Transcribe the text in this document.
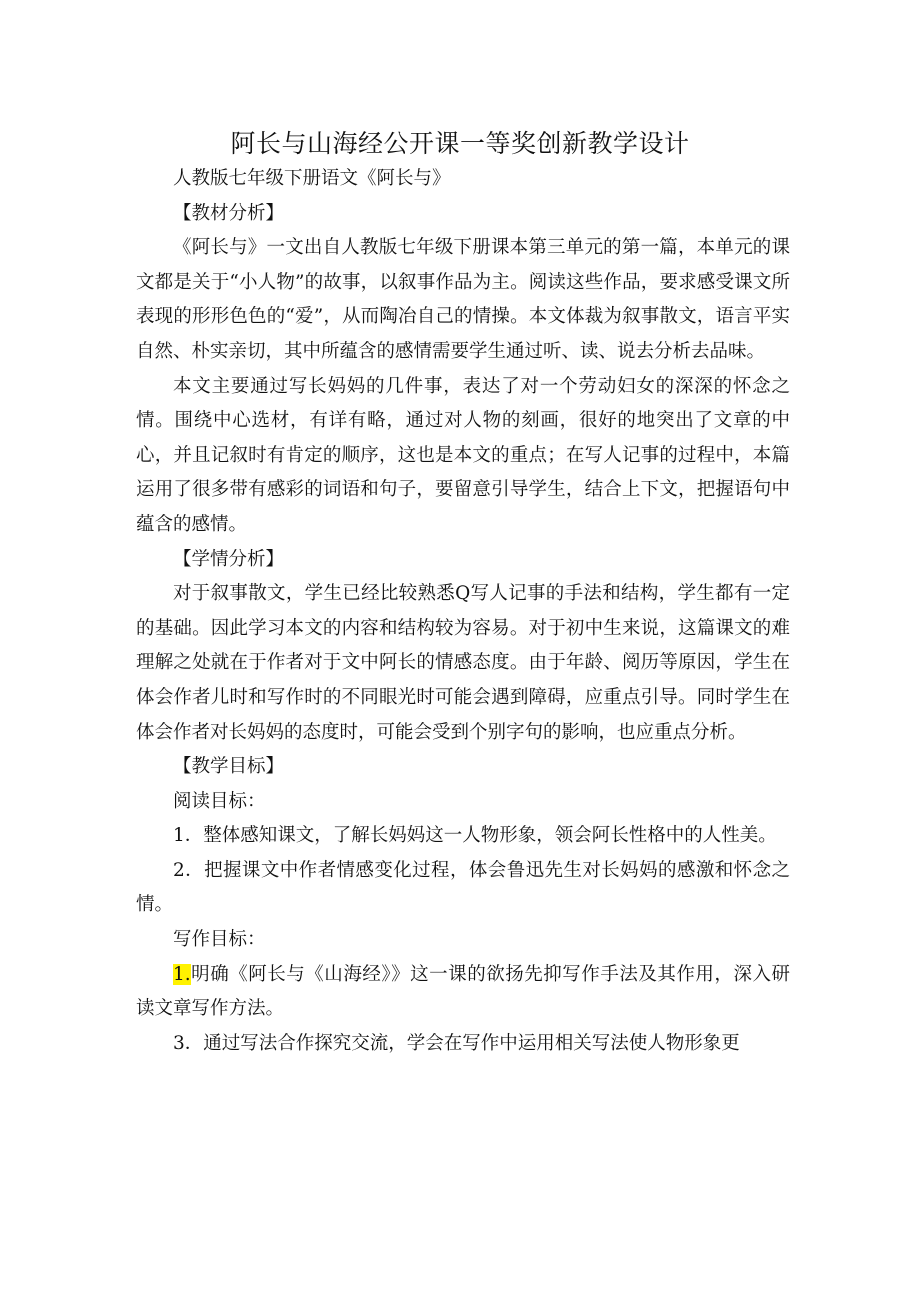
阿长与山海经公开课一等奖创新教学设计

人教版七年级下册语文《阿长与》

【教材分析】

《阿长与》一文出自人教版七年级下册课本第三单元的第一篇，本单元的课文都是关于“小人物”的故事，以叙事作品为主。阅读这些作品，要求感受课文所表现的形形色色的“爱”，从而陶冶自己的情操。本文体裁为叙事散文，语言平实自然、朴实亲切，其中所蕴含的感情需要学生通过听、读、说去分析去品味。

本文主要通过写长妈妈的几件事，表达了对一个劳动妇女的深深的怀念之情。围绕中心选材，有详有略，通过对人物的刻画，很好的地突出了文章的中心，并且记叙时有肯定的顺序，这也是本文的重点；在写人记事的过程中，本篇运用了很多带有感彩的词语和句子，要留意引导学生，结合上下文，把握语句中蕴含的感情。

【学情分析】

对于叙事散文，学生已经比较熟悉Q写人记事的手法和结构，学生都有一定的基础。因此学习本文的内容和结构较为容易。对于初中生来说，这篇课文的难理解之处就在于作者对于文中阿长的情感态度。由于年龄、阅历等原因，学生在体会作者儿时和写作时的不同眼光时可能会遇到障碍，应重点引导。同时学生在体会作者对长妈妈的态度时，可能会受到个别字句的影响，也应重点分析。

【教学目标】

阅读目标：

1．整体感知课文，了解长妈妈这一人物形象，领会阿长性格中的人性美。

2．把握课文中作者情感变化过程，体会鲁迅先生对长妈妈的感激和怀念之情。

写作目标：

1.明确《阿长与《山海经》》这一课的欲扬先抑写作手法及其作用，深入研读文章写作方法。

3．通过写法合作探究交流，学会在写作中运用相关写法使人物形象更
